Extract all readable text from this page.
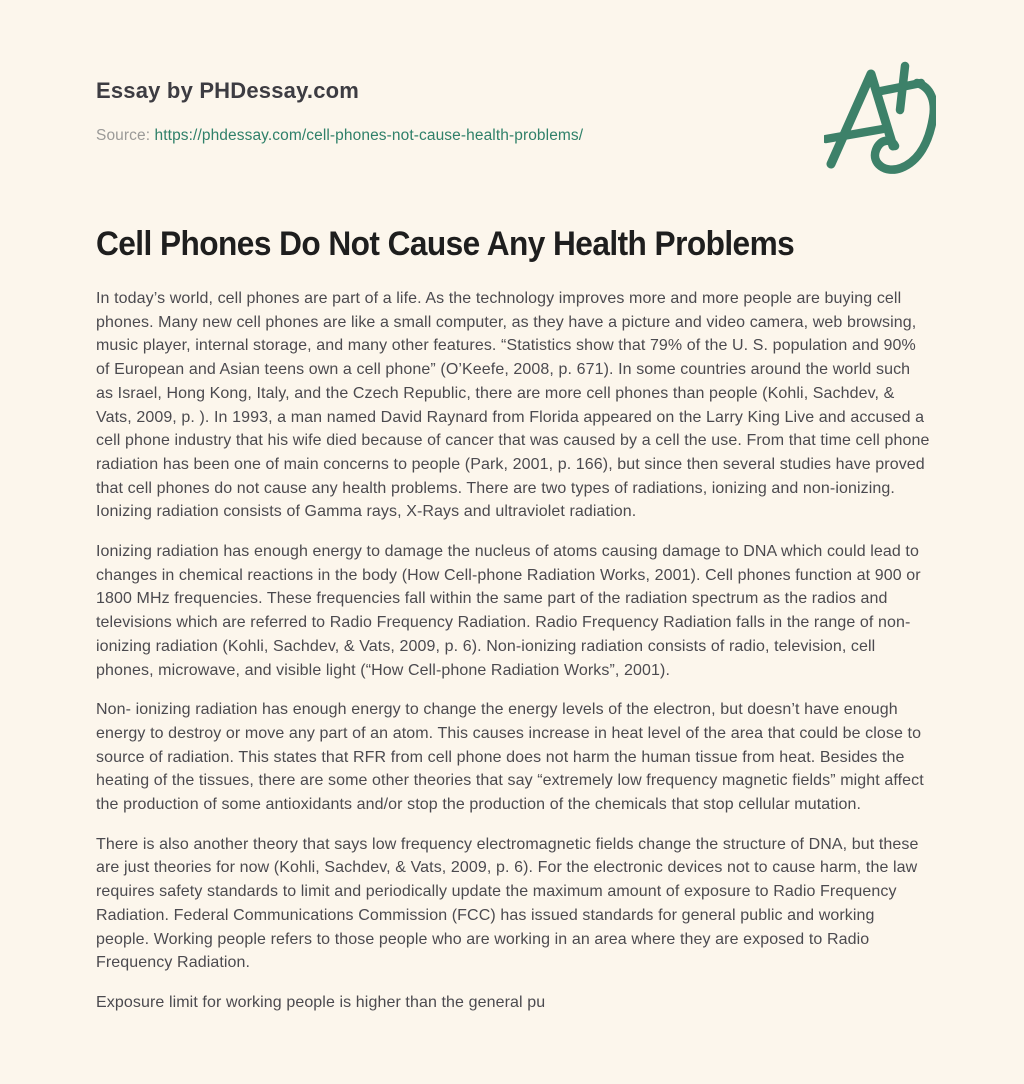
Essay by PHDessay.com
Source: https://phdessay.com/cell-phones-not-cause-health-problems/
Cell Phones Do Not Cause Any Health Problems

In today’s world, cell phones are part of a life. As the technology improves more and more people are buying cell phones. Many new cell phones are like a small computer, as they have a picture and video camera, web browsing, music player, internal storage, and many other features. “Statistics show that 79% of the U. S. population and 90% of European and Asian teens own a cell phone” (O’Keefe, 2008, p. 671). In some countries around the world such as Israel, Hong Kong, Italy, and the Czech Republic, there are more cell phones than people (Kohli, Sachdev, & Vats, 2009, p. ). In 1993, a man named David Raynard from Florida appeared on the Larry King Live and accused a cell phone industry that his wife died because of cancer that was caused by a cell the use. From that time cell phone radiation has been one of main concerns to people (Park, 2001, p. 166), but since then several studies have proved that cell phones do not cause any health problems. There are two types of radiations, ionizing and non-ionizing. Ionizing radiation consists of Gamma rays, X-Rays and ultraviolet radiation.

Ionizing radiation has enough energy to damage the nucleus of atoms causing damage to DNA which could lead to changes in chemical reactions in the body (How Cell-phone Radiation Works, 2001). Cell phones function at 900 or 1800 MHz frequencies. These frequencies fall within the same part of the radiation spectrum as the radios and televisions which are referred to Radio Frequency Radiation. Radio Frequency Radiation falls in the range of non-ionizing radiation (Kohli, Sachdev, & Vats, 2009, p. 6). Non-ionizing radiation consists of radio, television, cell phones, microwave, and visible light (“How Cell-phone Radiation Works”, 2001).

Non- ionizing radiation has enough energy to change the energy levels of the electron, but doesn’t have enough energy to destroy or move any part of an atom. This causes increase in heat level of the area that could be close to source of radiation. This states that RFR from cell phone does not harm the human tissue from heat. Besides the heating of the tissues, there are some other theories that say “extremely low frequency magnetic fields” might affect the production of some antioxidants and/or stop the production of the chemicals that stop cellular mutation.

There is also another theory that says low frequency electromagnetic fields change the structure of DNA, but these are just theories for now (Kohli, Sachdev, & Vats, 2009, p. 6). For the electronic devices not to cause harm, the law requires safety standards to limit and periodically update the maximum amount of exposure to Radio Frequency Radiation. Federal Communications Commission (FCC) has issued standards for general public and working people. Working people refers to those people who are working in an area where they are exposed to Radio Frequency Radiation.

Exposure limit for working people is higher than the general pu
